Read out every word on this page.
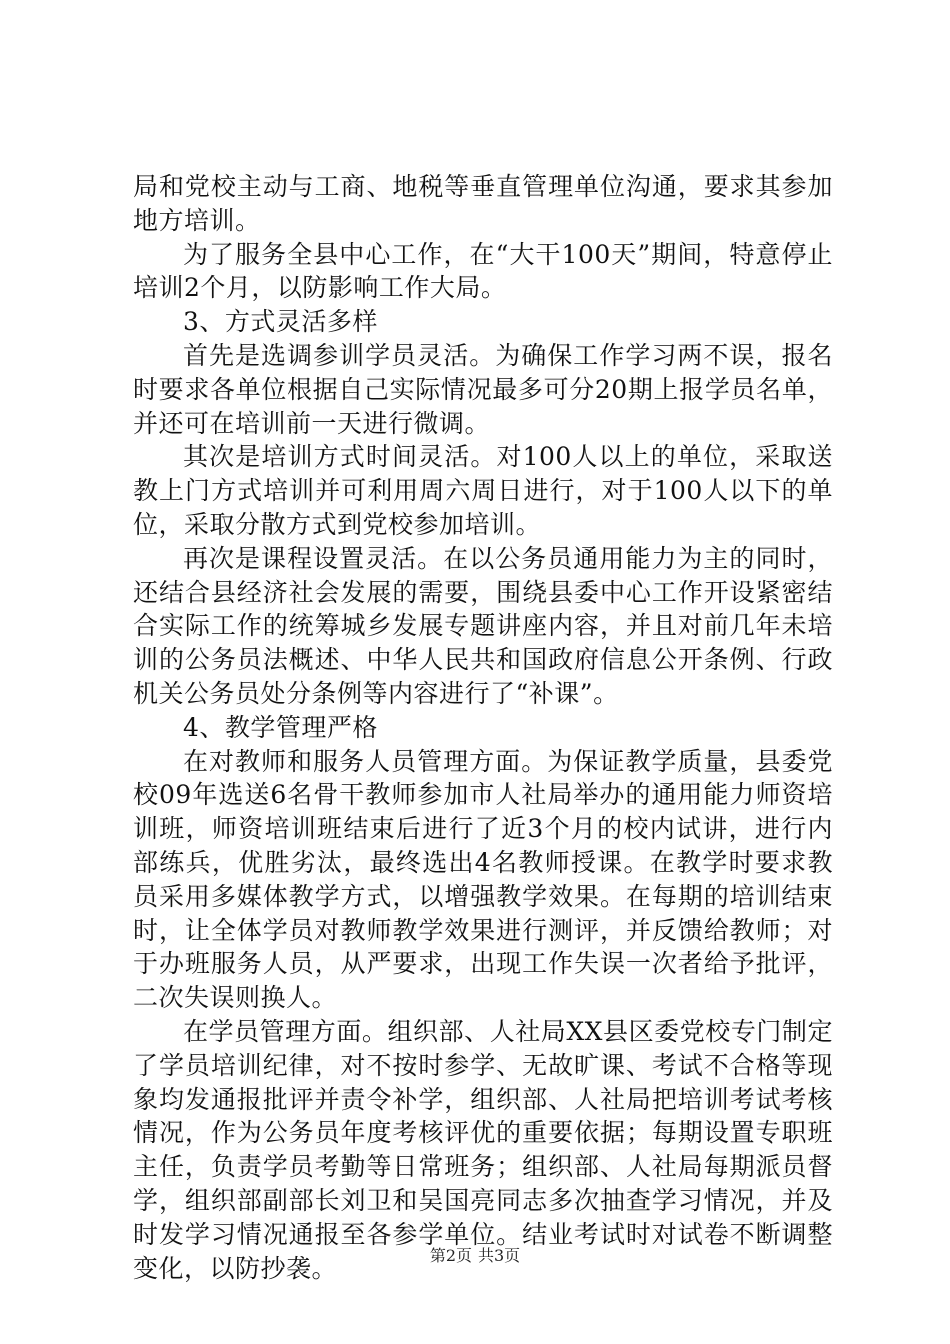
局和党校主动与工商、地税等垂直管理单位沟通，要求其参加地方培训。

为了服务全县中心工作，在“大干100天”期间，特意停止培训2个月，以防影响工作大局。

3、方式灵活多样

首先是选调参训学员灵活。为确保工作学习两不误，报名时要求各单位根据自己实际情况最多可分20期上报学员名单，并还可在培训前一天进行微调。

其次是培训方式时间灵活。对100人以上的单位，采取送教上门方式培训并可利用周六周日进行，对于100人以下的单位，采取分散方式到党校参加培训。

再次是课程设置灵活。在以公务员通用能力为主的同时，还结合县经济社会发展的需要，围绕县委中心工作开设紧密结合实际工作的统筹城乡发展专题讲座内容，并且对前几年未培训的公务员法概述、中华人民共和国政府信息公开条例、行政机关公务员处分条例等内容进行了“补课”。

4、教学管理严格

在对教师和服务人员管理方面。为保证教学质量，县委党校09年选送6名骨干教师参加市人社局举办的通用能力师资培训班，师资培训班结束后进行了近3个月的校内试讲，进行内部练兵，优胜劣汰，最终选出4名教师授课。在教学时要求教员采用多媒体教学方式，以增强教学效果。在每期的培训结束时，让全体学员对教师教学效果进行测评，并反馈给教师；对于办班服务人员，从严要求，出现工作失误一次者给予批评，二次失误则换人。

在学员管理方面。组织部、人社局XX县区委党校专门制定了学员培训纪律，对不按时参学、无故旷课、考试不合格等现象均发通报批评并责令补学，组织部、人社局把培训考试考核情况，作为公务员年度考核评优的重要依据；每期设置专职班主任，负责学员考勤等日常班务；组织部、人社局每期派员督学，组织部副部长刘卫和吴国亮同志多次抽查学习情况，并及时发学习情况通报至各参学单位。结业考试时对试卷不断调整变化，以防抄袭。	第2页 共3页
